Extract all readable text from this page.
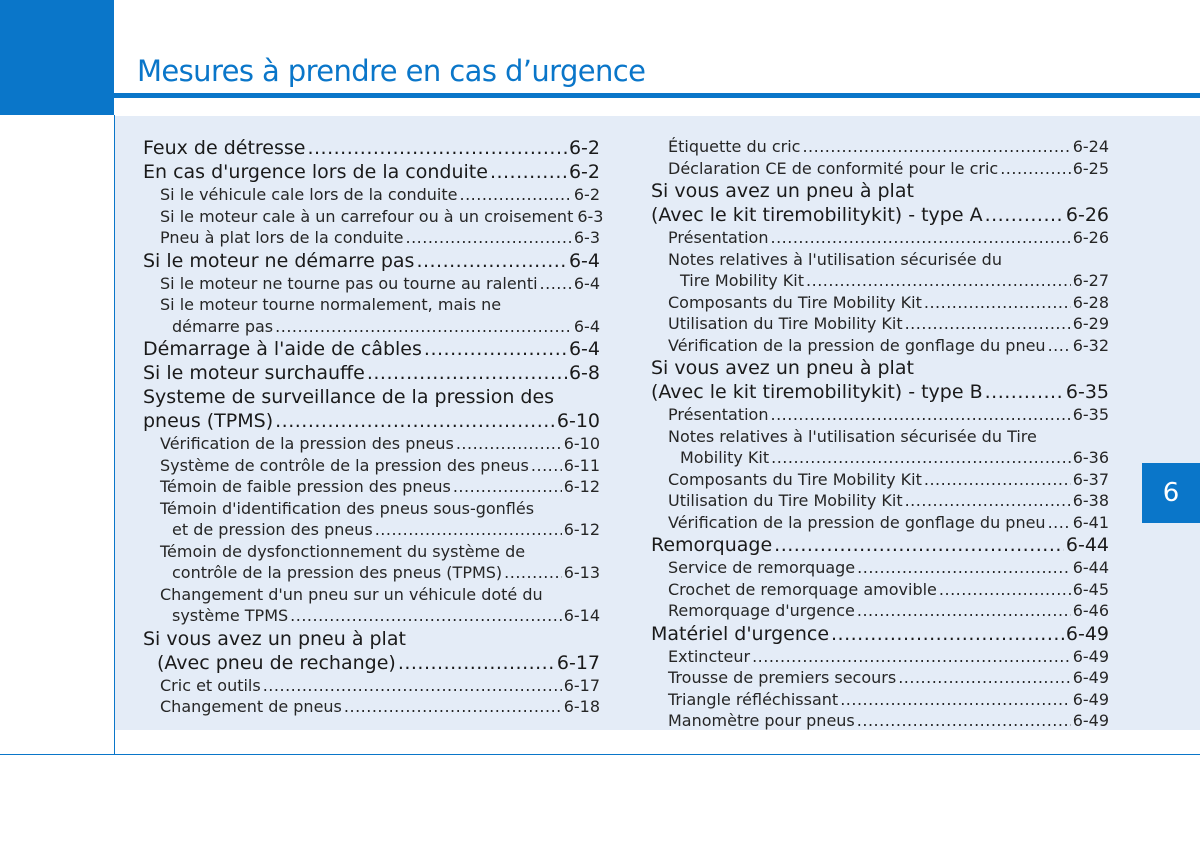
Mesures à prendre en cas d’urgence
6
Feux de détresse .....	6-2
En cas d'urgence lors de la conduite .....	6-2
Si le véhicule cale lors de la conduite .....	6-2
Si le moteur cale à un carrefour ou à un croisement 6-3
Pneu à plat lors de la conduite .....	6-3
Si le moteur ne démarre pas .....	6-4
Si le moteur ne tourne pas ou tourne au ralenti ..... 6-4
Si le moteur tourne normalement, mais ne
démarre pas .....	6-4
Démarrage à l'aide de câbles .....	6-4
Si le moteur surchauffe .....	6-8
Systeme de surveillance de la pression des
pneus (TPMS) .....	6-10
Vérification de la pression des pneus .....	6-10
Système de contrôle de la pression des pneus ..... 6-11
Témoin de faible pression des pneus .....	6-12
Témoin d'identification des pneus sous-gonflés
et de pression des pneus .....	6-12
Témoin de dysfonctionnement du système de
contrôle de la pression des pneus (TPMS) .....	6-13
Changement d'un pneu sur un véhicule doté du
système TPMS .....	6-14
Si vous avez un pneu à plat
(Avec pneu de rechange) .....	6-17
Cric et outils .....	6-17
Changement de pneus .....	6-18
Étiquette du cric .....	6-24
Déclaration CE de conformité pour le cric .....	6-25
Si vous avez un pneu à plat
(Avec le kit tiremobilitykit) - type A .....	6-26
Présentation .....	6-26
Notes relatives à l'utilisation sécurisée du
Tire Mobility Kit .....	6-27
Composants du Tire Mobility Kit .....	6-28
Utilisation du Tire Mobility Kit .....	6-29
Vérification de la pression de gonflage du pneu ..... 6-32
Si vous avez un pneu à plat
(Avec le kit tiremobilitykit) - type B .....	6-35
Présentation .....	6-35
Notes relatives à l'utilisation sécurisée du Tire
Mobility Kit .....	6-36
Composants du Tire Mobility Kit .....	6-37
Utilisation du Tire Mobility Kit .....	6-38
Vérification de la pression de gonflage du pneu ..... 6-41
Remorquage .....	6-44
Service de remorquage .....	6-44
Crochet de remorquage amovible .....	6-45
Remorquage d'urgence .....	6-46
Matériel d'urgence .....	6-49
Extincteur .....	6-49
Trousse de premiers secours .....	6-49
Triangle réfléchissant .....	6-49
Manomètre pour pneus .....	6-49
